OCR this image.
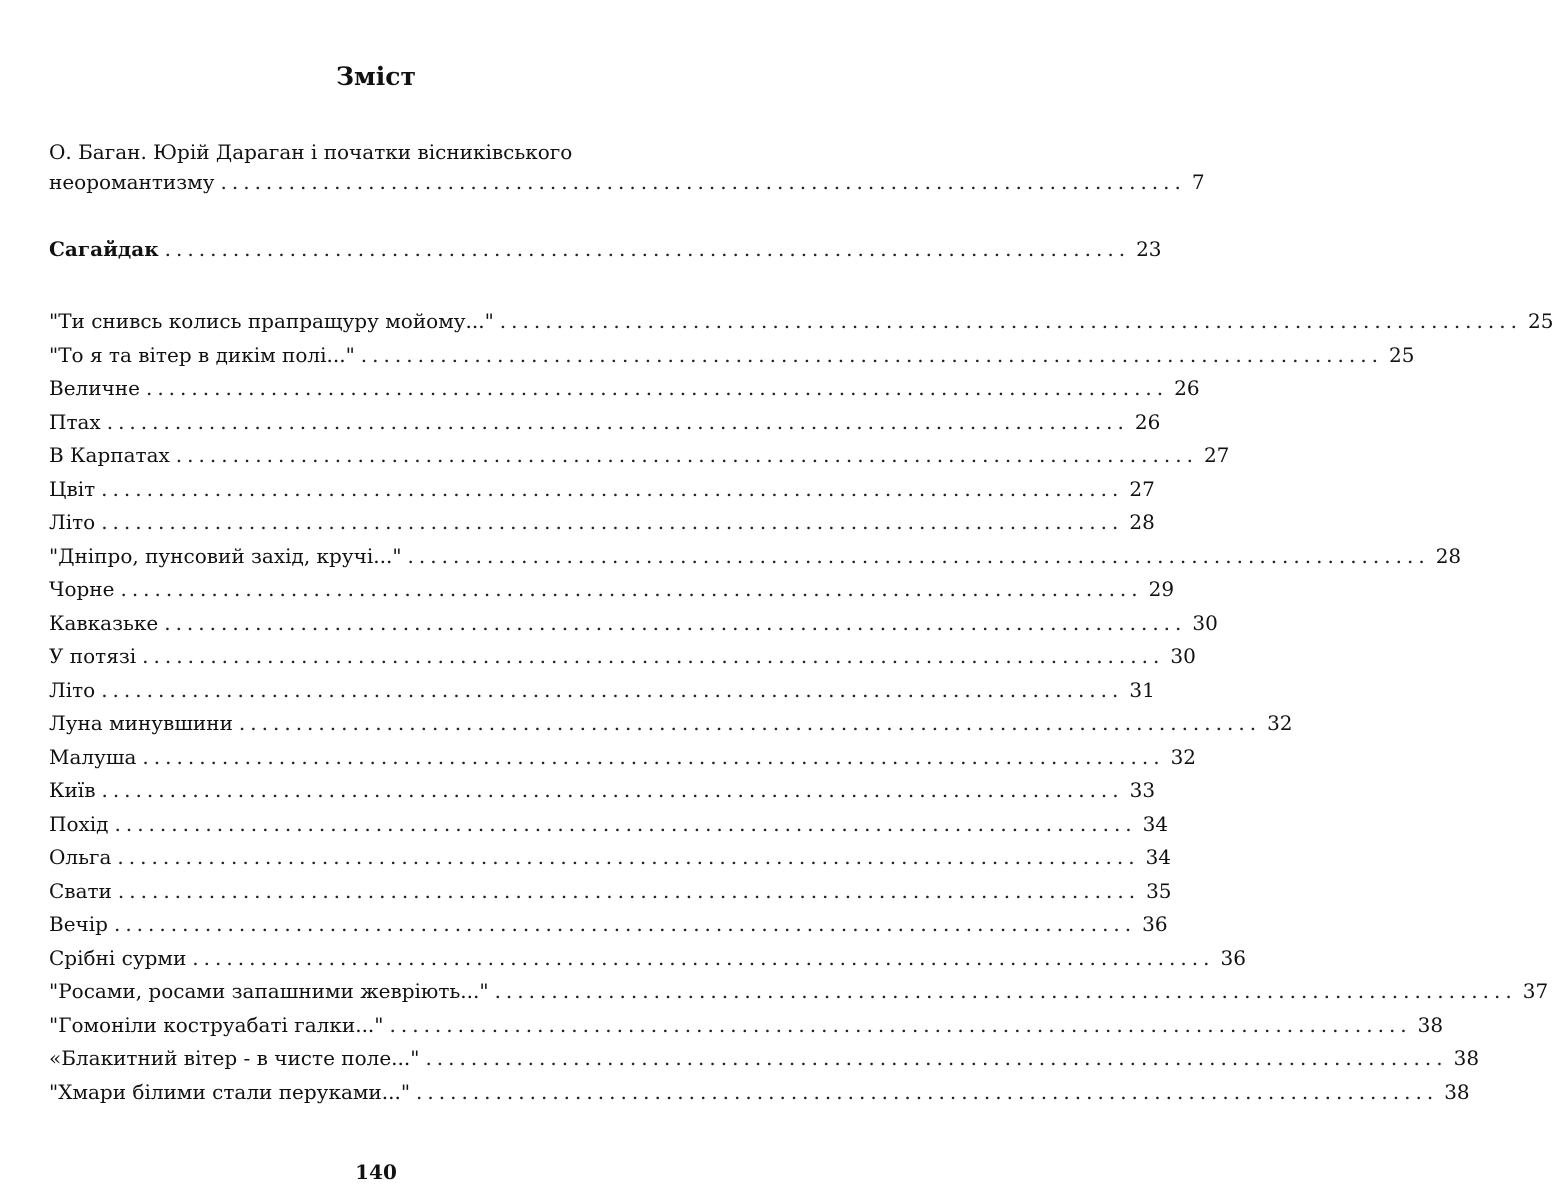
Зміст
О. Баган. Юрій Дараган і початки вісниківського
неоромантизму ..................................................................................... 7
Сагайдак ..................................................................................... 23
"Ти снивсь колись прапращуру мойому..." .......................................................................................... 25
"То я та вітер в дикім полі..." .......................................................................................... 25
Величне .......................................................................................... 26
Птах .......................................................................................... 26
В Карпатах .......................................................................................... 27
Цвіт .......................................................................................... 27
Літо .......................................................................................... 28
"Дніпро, пунсовий захід, кручі..." .......................................................................................... 28
Чорне .......................................................................................... 29
Кавказьке .......................................................................................... 30
У потязі .......................................................................................... 30
Літо .......................................................................................... 31
Луна минувшини .......................................................................................... 32
Малуша .......................................................................................... 32
Київ .......................................................................................... 33
Похід .......................................................................................... 34
Ольга .......................................................................................... 34
Свати .......................................................................................... 35
Вечір .......................................................................................... 36
Срібні сурми .......................................................................................... 36
"Росами, росами запашними жевріють..." .......................................................................................... 37
"Гомоніли коструабаті галки..." .......................................................................................... 38
«Блакитний вітер - в чисте поле..." .......................................................................................... 38
"Хмари білими стали перуками..." .......................................................................................... 38
140
